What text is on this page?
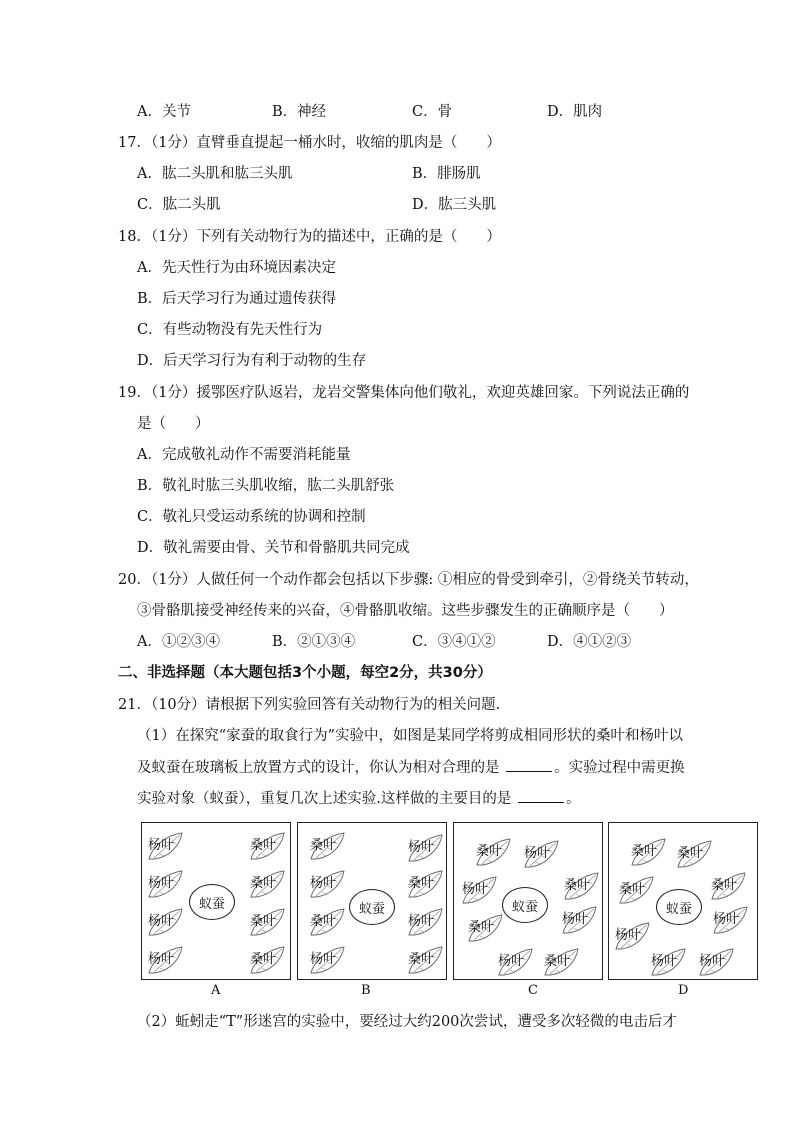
A．关节	B．神经	C．骨	D．肌肉
17．（1分）直臂垂直提起一桶水时，收缩的肌肉是（　　）
A．肱二头肌和肱三头肌	B．腓肠肌
C．肱二头肌	D．肱三头肌
18．（1分）下列有关动物行为的描述中，正确的是（　　）
A．先天性行为由环境因素决定
B．后天学习行为通过遗传获得
C．有些动物没有先天性行为
D．后天学习行为有利于动物的生存
19．（1分）援鄂医疗队返岩，龙岩交警集体向他们敬礼，欢迎英雄回家。下列说法正确的
是（　　）
A．完成敬礼动作不需要消耗能量
B．敬礼时肱三头肌收缩，肱二头肌舒张
C．敬礼只受运动系统的协调和控制
D．敬礼需要由骨、关节和骨骼肌共同完成
20．（1分）人做任何一个动作都会包括以下步骤: ①相应的骨受到牵引，②骨绕关节转动，
③骨骼肌接受神经传来的兴奋，④骨骼肌收缩。这些步骤发生的正确顺序是（　　）
A．①②③④	B．②①③④	C．③④①②	D．④①②③
二、非选择题（本大题包括3个小题，每空2分，共30分）
21．（10分）请根据下列实验回答有关动物行为的相关问题.
（1）在探究“家蚕的取食行为”实验中，如图是某同学将剪成相同形状的桑叶和杨叶以
及蚁蚕在玻璃板上放置方式的设计，你认为相对合理的是	。实验过程中需更换
实验对象（蚁蚕），重复几次上述实验.这样做的主要目的是	。
杨叶
杨叶
杨叶
杨叶
桑叶
桑叶
桑叶
桑叶
蚁蚕
A
桑叶	杨叶
杨叶	桑叶
桑叶	杨叶
杨叶	桑叶
蚁蚕
B
桑叶 杨叶
杨叶	桑叶
桑叶
杨叶
杨叶 桑叶
蚁蚕
C
桑叶 桑叶
桑叶	桑叶
杨叶
杨叶
杨叶 杨叶
蚁蚕
D
（2）蚯蚓走“T”形迷宫的实验中，要经过大约200次尝试，遭受多次轻微的电击后才
